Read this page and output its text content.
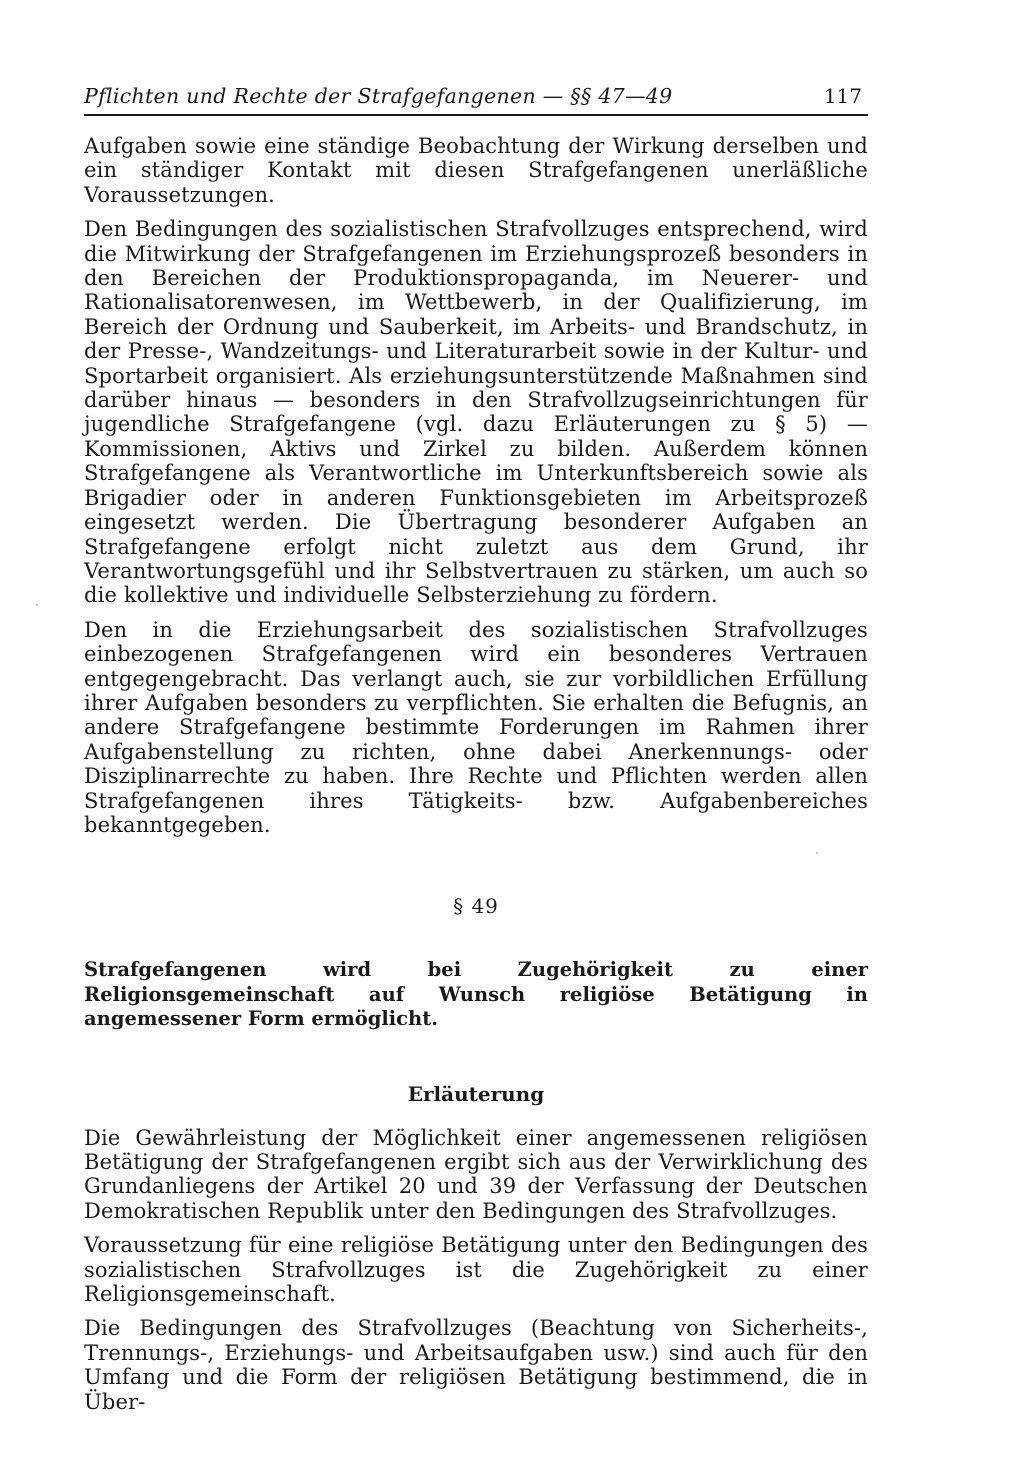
Pflichten und Rechte der Strafgefangenen — §§ 47—49	117

Aufgaben sowie eine ständige Beobachtung der Wirkung derselben und ein ständiger Kontakt mit diesen Strafgefangenen unerläßliche Voraussetzungen.

Den Bedingungen des sozialistischen Strafvollzuges entsprechend, wird die Mitwirkung der Strafgefangenen im Erziehungsprozeß besonders in den Bereichen der Produktionspropaganda, im Neuerer- und Rationalisatorenwesen, im Wettbewerb, in der Qualifizierung, im Bereich der Ordnung und Sauberkeit, im Arbeits- und Brandschutz, in der Presse-, Wandzeitungs- und Literaturarbeit sowie in der Kultur- und Sportarbeit organisiert. Als erziehungsunterstützende Maßnahmen sind darüber hinaus — besonders in den Strafvollzugseinrichtungen für jugendliche Strafgefangene (vgl. dazu Erläuterungen zu § 5) — Kommissionen, Aktivs und Zirkel zu bilden. Außerdem können Strafgefangene als Verantwortliche im Unterkunftsbereich sowie als Brigadier oder in anderen Funktionsgebieten im Arbeitsprozeß eingesetzt werden. Die Übertragung besonderer Aufgaben an Strafgefangene erfolgt nicht zuletzt aus dem Grund, ihr Verantwortungsgefühl und ihr Selbstvertrauen zu stärken, um auch so die kollektive und individuelle Selbsterziehung zu fördern.

Den in die Erziehungsarbeit des sozialistischen Strafvollzuges einbezogenen Strafgefangenen wird ein besonderes Vertrauen entgegengebracht. Das verlangt auch, sie zur vorbildlichen Erfüllung ihrer Aufgaben besonders zu verpflichten. Sie erhalten die Befugnis, an andere Strafgefangene bestimmte Forderungen im Rahmen ihrer Aufgabenstellung zu richten, ohne dabei Anerkennungs- oder Disziplinarrechte zu haben. Ihre Rechte und Pflichten werden allen Strafgefangenen ihres Tätigkeits- bzw. Aufgabenbereiches bekanntgegeben.

§ 49

Strafgefangenen wird bei Zugehörigkeit zu einer Religionsgemeinschaft auf Wunsch religiöse Betätigung in angemessener Form ermöglicht.

Erläuterung

Die Gewährleistung der Möglichkeit einer angemessenen religiösen Betätigung der Strafgefangenen ergibt sich aus der Verwirklichung des Grundanliegens der Artikel 20 und 39 der Verfassung der Deutschen Demokratischen Republik unter den Bedingungen des Strafvollzuges.

Voraussetzung für eine religiöse Betätigung unter den Bedingungen des sozialistischen Strafvollzuges ist die Zugehörigkeit zu einer Religionsgemeinschaft.

Die Bedingungen des Strafvollzuges (Beachtung von Sicherheits-, Trennungs-, Erziehungs- und Arbeitsaufgaben usw.) sind auch für den Umfang und die Form der religiösen Betätigung bestimmend, die in Über-
